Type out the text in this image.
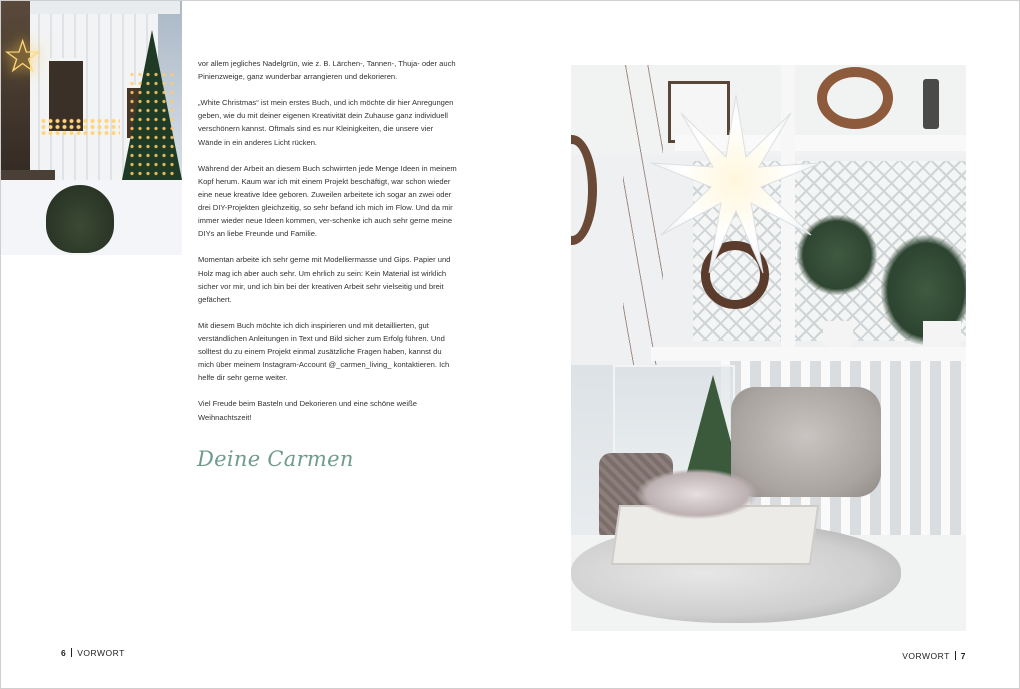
☆	vor allem jegliches Nadelgrün, wie z. B. Lärchen-, Tannen-, Thuja- oder auch Pinienzweige, ganz wunderbar arrangieren und dekorieren.

„White Christmas“ ist mein erstes Buch, und ich möchte dir hier Anregungen geben, wie du mit deiner eigenen Kreativität dein Zuhause ganz individuell verschönern kannst. Oftmals sind es nur Kleinigkeiten, die unsere vier Wände in ein anderes Licht rücken.

Während der Arbeit an diesem Buch schwirrten jede Menge Ideen in meinem Kopf herum. Kaum war ich mit einem Projekt beschäftigt, war schon wieder eine neue kreative Idee geboren. Zuweilen arbeitete ich sogar an zwei oder drei DIY-Projekten gleichzeitig, so sehr befand ich mich im Flow. Und da mir immer wieder neue Ideen kommen, ver-schenke ich auch sehr gerne meine DIYs an liebe Freunde und Familie.

Momentan arbeite ich sehr gerne mit Modelliermasse und Gips. Papier und Holz mag ich aber auch sehr. Um ehrlich zu sein: Kein Material ist wirklich sicher vor mir, und ich bin bei der kreativen Arbeit sehr vielseitig und breit gefächert.

Mit diesem Buch möchte ich dich inspirieren und mit detaillierten, gut verständlichen Anleitungen in Text und Bild sicher zum Erfolg führen. Und solltest du zu einem Projekt einmal zusätzliche Fragen haben, kannst du mich über meinem Instagram-Account @_carmen_living_ kontaktieren. Ich helfe dir sehr gerne weiter.

Viel Freude beim Basteln und Dekorieren und eine schöne weiße Weihnachtszeit!

Deine Carmen
6 VORWORT	VORWORT 7
